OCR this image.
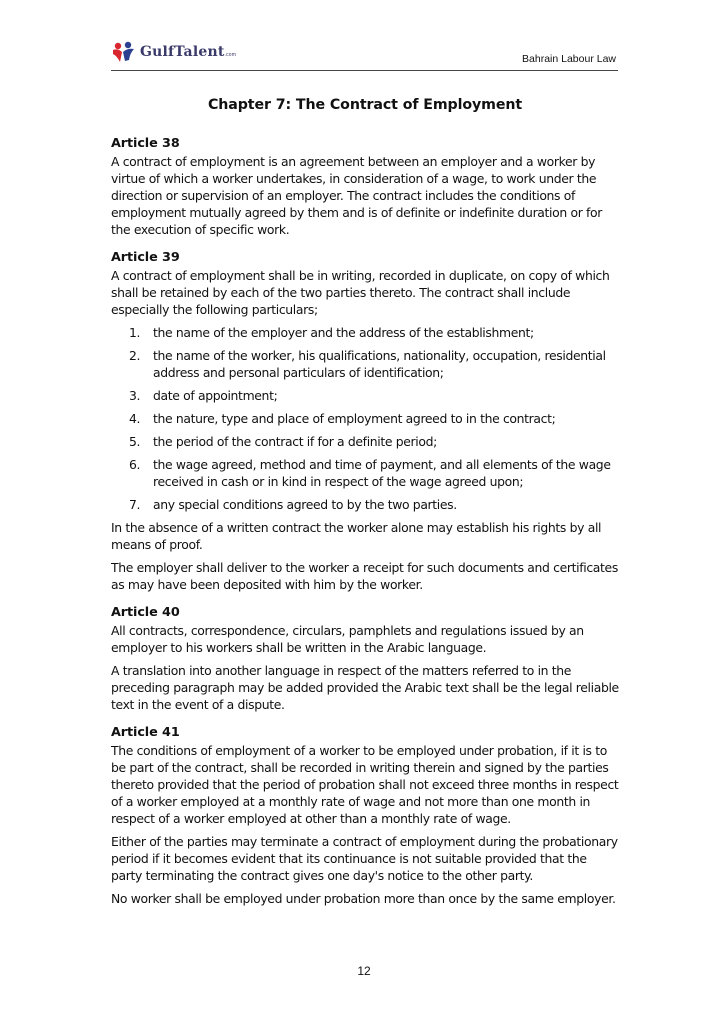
GulfTalent.com	Bahrain Labour Law
Chapter 7: The Contract of Employment
Article 38

A contract of employment is an agreement between an employer and a worker by virtue of which a worker undertakes, in consideration of a wage, to work under the direction or supervision of an employer. The contract includes the conditions of employment mutually agreed by them and is of definite or indefinite duration or for the execution of specific work.

Article 39

A contract of employment shall be in writing, recorded in duplicate, on copy of which shall be retained by each of the two parties thereto. The contract shall include especially the following particulars;

1. the name of the employer and the address of the establishment;
2. the name of the worker, his qualifications, nationality, occupation, residential address and personal particulars of identification;
3. date of appointment;
4. the nature, type and place of employment agreed to in the contract;
5. the period of the contract if for a definite period;
6. the wage agreed, method and time of payment, and all elements of the wage received in cash or in kind in respect of the wage agreed upon;
7. any special conditions agreed to by the two parties.

In the absence of a written contract the worker alone may establish his rights by all means of proof.

The employer shall deliver to the worker a receipt for such documents and certificates as may have been deposited with him by the worker.

Article 40

All contracts, correspondence, circulars, pamphlets and regulations issued by an employer to his workers shall be written in the Arabic language.

A translation into another language in respect of the matters referred to in the preceding paragraph may be added provided the Arabic text shall be the legal reliable text in the event of a dispute.

Article 41

The conditions of employment of a worker to be employed under probation, if it is to be part of the contract, shall be recorded in writing therein and signed by the parties thereto provided that the period of probation shall not exceed three months in respect of a worker employed at a monthly rate of wage and not more than one month in respect of a worker employed at other than a monthly rate of wage.

Either of the parties may terminate a contract of employment during the probationary period if it becomes evident that its continuance is not suitable provided that the party terminating the contract gives one day's notice to the other party.

No worker shall be employed under probation more than once by the same employer.

12
